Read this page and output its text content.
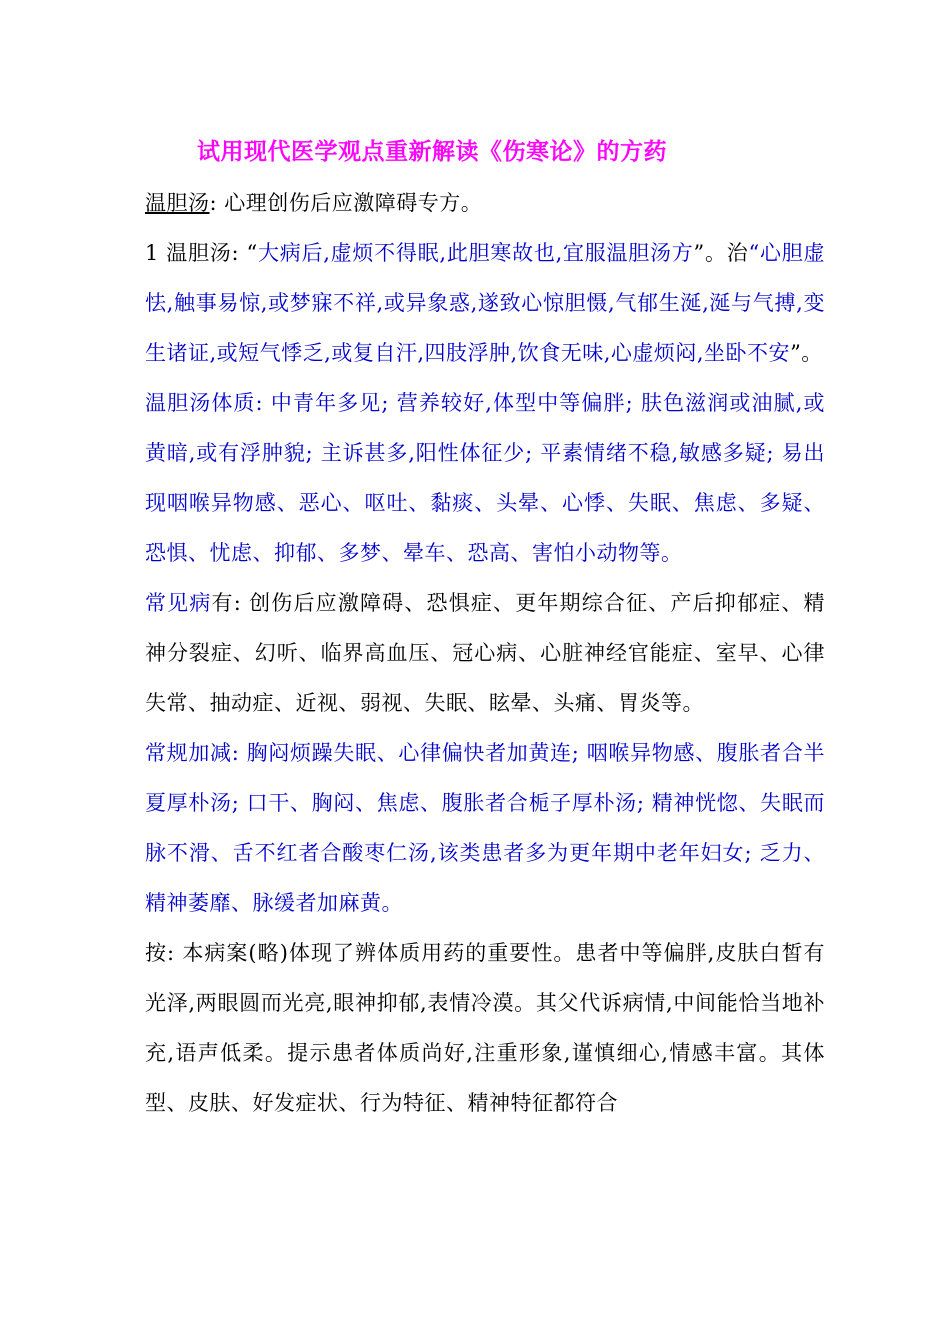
试用现代医学观点重新解读《伤寒论》的方药

温胆汤: 心理创伤后应激障碍专方。

1 温胆汤: “大病后,虚烦不得眠,此胆寒故也,宜服温胆汤方”。治“心胆虚怯,触事易惊,或梦寐不祥,或异象惑,遂致心惊胆慑,气郁生涎,涎与气搏,变生诸证,或短气悸乏,或复自汗,四肢浮肿,饮食无味,心虚烦闷,坐卧不安”。

温胆汤体质: 中青年多见; 营养较好,体型中等偏胖; 肤色滋润或油腻,或黄暗,或有浮肿貌; 主诉甚多,阳性体征少; 平素情绪不稳,敏感多疑; 易出现咽喉异物感、恶心、呕吐、黏痰、头晕、心悸、失眠、焦虑、多疑、恐惧、忧虑、抑郁、多梦、晕车、恐高、害怕小动物等。

常见病有: 创伤后应激障碍、恐惧症、更年期综合征、产后抑郁症、精神分裂症、幻听、临界高血压、冠心病、心脏神经官能症、室早、心律失常、抽动症、近视、弱视、失眠、眩晕、头痛、胃炎等。

常规加减: 胸闷烦躁失眠、心律偏快者加黄连; 咽喉异物感、腹胀者合半夏厚朴汤; 口干、胸闷、焦虑、腹胀者合栀子厚朴汤; 精神恍惚、失眠而脉不滑、舌不红者合酸枣仁汤,该类患者多为更年期中老年妇女; 乏力、精神萎靡、脉缓者加麻黄。

按: 本病案(略)体现了辨体质用药的重要性。患者中等偏胖,皮肤白皙有光泽,两眼圆而光亮,眼神抑郁,表情冷漠。其父代诉病情,中间能恰当地补充,语声低柔。提示患者体质尚好,注重形象,谨慎细心,情感丰富。其体型、皮肤、好发症状、行为特征、精神特征都符合
